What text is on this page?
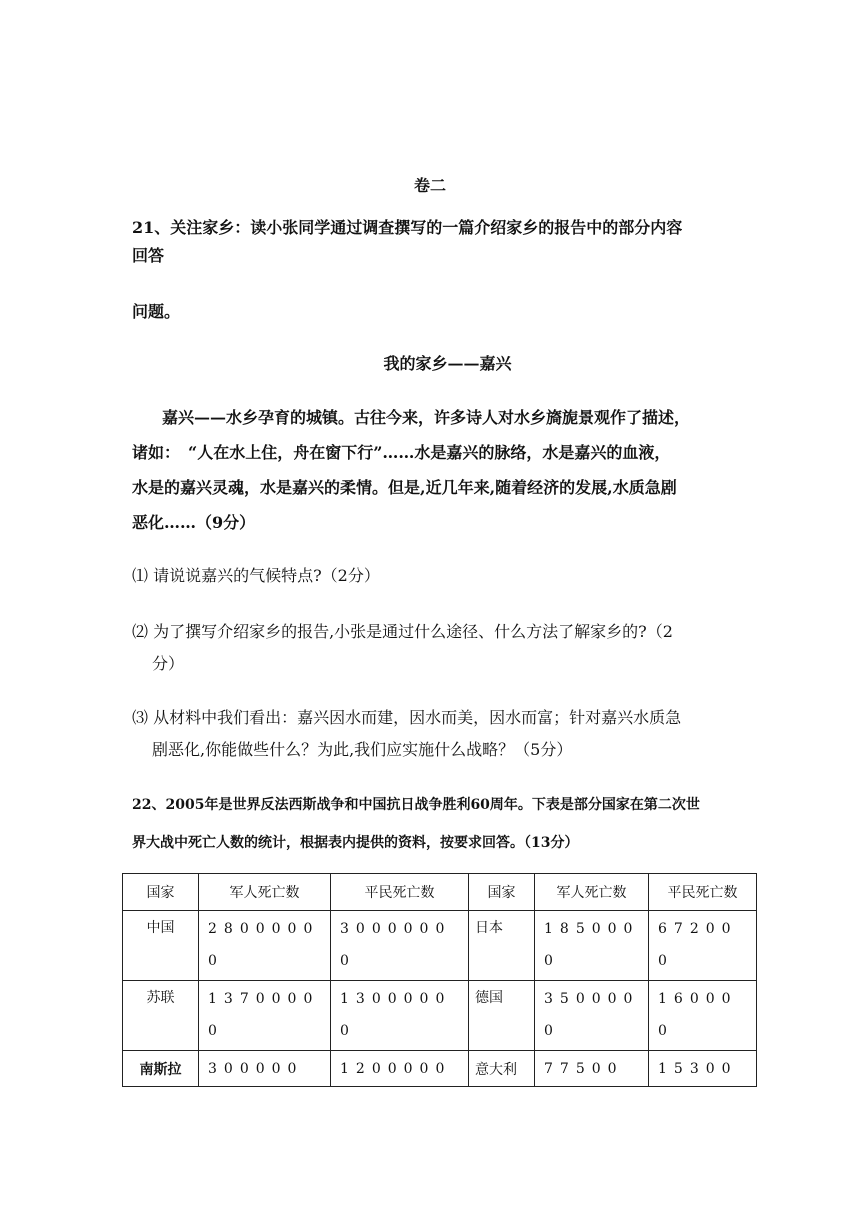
卷二
21、关注家乡：读小张同学通过调查撰写的一篇介绍家乡的报告中的部分内容
回答
问题。
我的家乡——嘉兴
嘉兴——水乡孕育的城镇。古往今来，许多诗人对水乡旖旎景观作了描述，
诸如：　“人在水上住，舟在窗下行”……水是嘉兴的脉络，水是嘉兴的血液，
水是的嘉兴灵魂，水是嘉兴的柔情。但是,近几年来,随着经济的发展,水质急剧
恶化……（9分）
⑴ 请说说嘉兴的气候特点?（2分）
⑵ 为了撰写介绍家乡的报告,小张是通过什么途径、什么方法了解家乡的?（2
分）
⑶ 从材料中我们看出：嘉兴因水而建，因水而美，因水而富；针对嘉兴水质急
剧恶化,你能做些什么？为此,我们应实施什么战略？（5分）
22、2005年是世界反法西斯战争和中国抗日战争胜利60周年。下表是部分国家在第二次世
界大战中死亡人数的统计，根据表内提供的资料，按要求回答。（13分）
国家	军人死亡数	平民死亡数	国家	军人死亡数	平民死亡数
中国	28000000	30000000	日本	1850000	672000
苏联	13700000	13000000	德国	3500000	160000
南斯拉	300000	1200000	意大利	77500	15300
